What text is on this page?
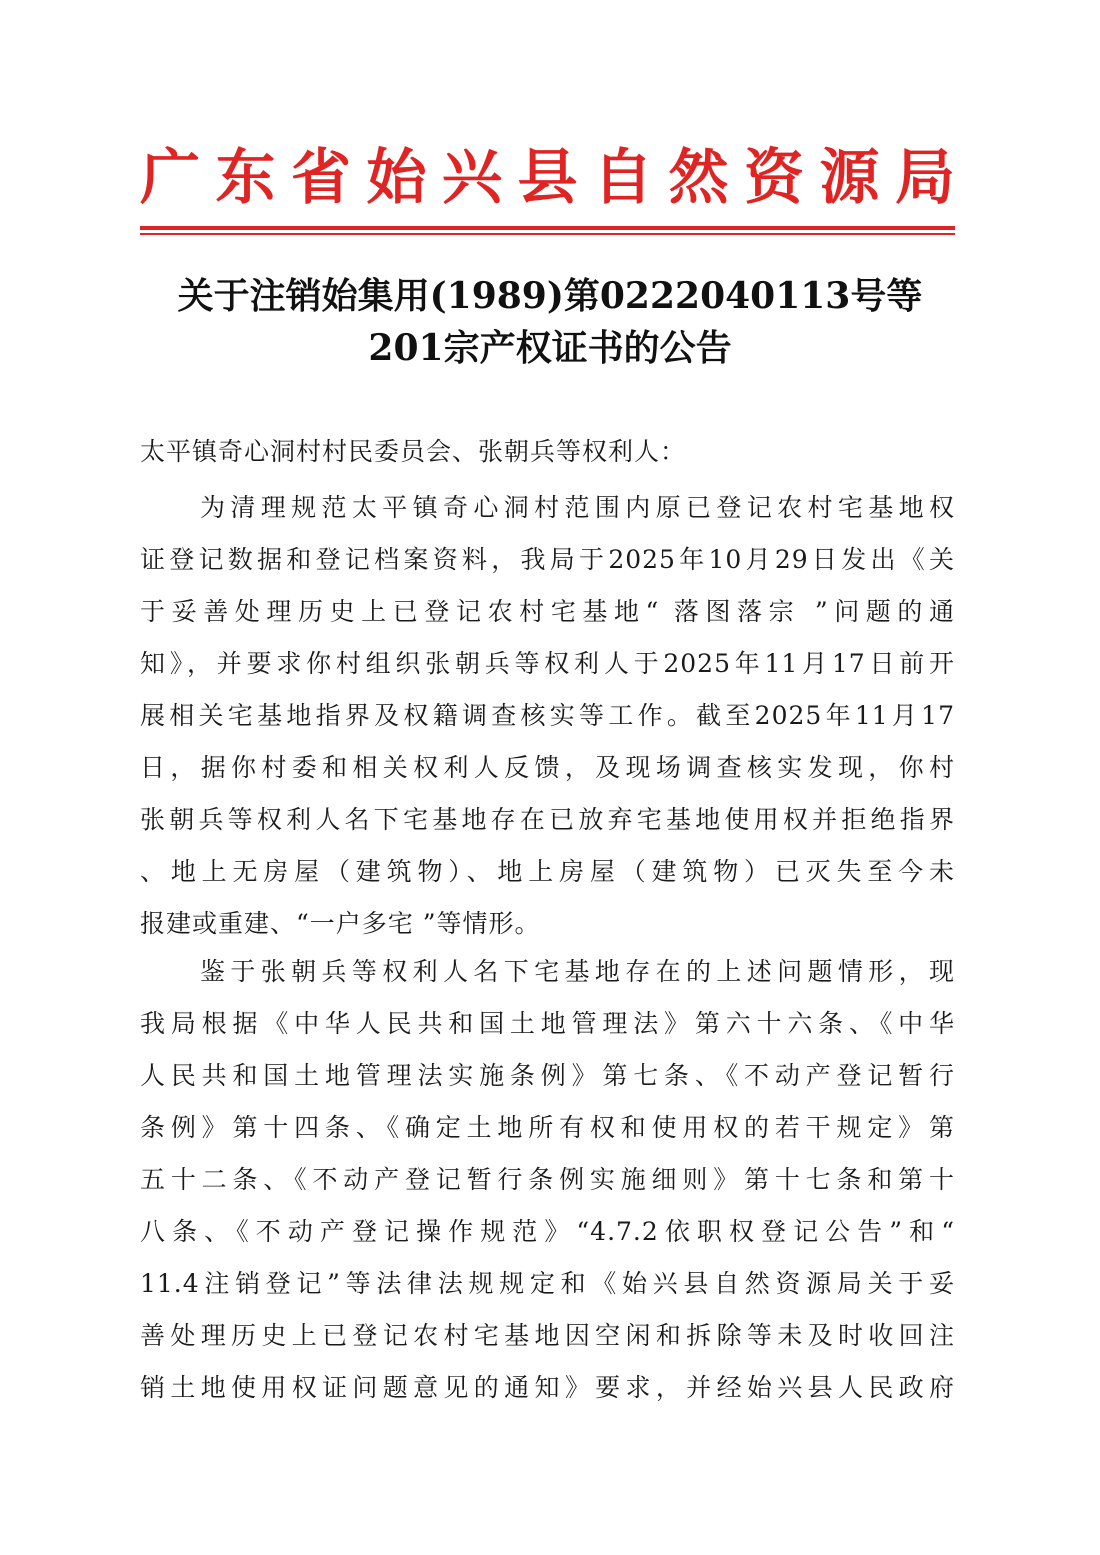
广东省始兴县自然资源局
关于注销始集用(1989)第0222040113号等
201宗产权证书的公告
太平镇奇心洞村村民委员会、张朝兵等权利人：
为清理规范太平镇奇心洞村范围内原已登记农村宅基地权
证登记数据和登记档案资料，我局于2025年10月29日发出《关
于妥善处理历史上已登记农村宅基地“ 落图落宗 ”问题的通
知》，并要求你村组织张朝兵等权利人于2025年11月17日前开
展相关宅基地指界及权籍调查核实等工作。截至2025年11月17
日，据你村委和相关权利人反馈，及现场调查核实发现，你村
张朝兵等权利人名下宅基地存在已放弃宅基地使用权并拒绝指界
、地上无房屋（建筑物）、地上房屋（建筑物）已灭失至今未
报建或重建、“一户多宅 ”等情形。
鉴于张朝兵等权利人名下宅基地存在的上述问题情形，现
我局根据《中华人民共和国土地管理法》第六十六条、《中华
人民共和国土地管理法实施条例》第七条、《不动产登记暂行
条例》第十四条、《确定土地所有权和使用权的若干规定》第
五十二条、《不动产登记暂行条例实施细则》第十七条和第十
八条、《不动产登记操作规范》“4.7.2依职权登记公告”和“
11.4注销登记”等法律法规规定和《始兴县自然资源局关于妥
善处理历史上已登记农村宅基地因空闲和拆除等未及时收回注
销土地使用权证问题意见的通知》要求，并经始兴县人民政府
